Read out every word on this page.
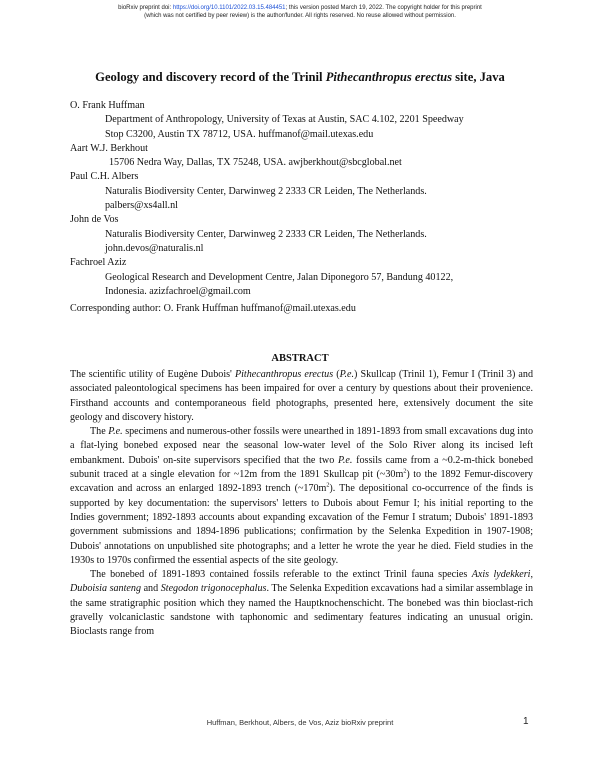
bioRxiv preprint doi: https://doi.org/10.1101/2022.03.15.484451; this version posted March 19, 2022. The copyright holder for this preprint
(which was not certified by peer review) is the author/funder. All rights reserved. No reuse allowed without permission.
Geology and discovery record of the Trinil Pithecanthropus erectus site, Java
O. Frank Huffman
Department of Anthropology, University of Texas at Austin, SAC 4.102, 2201 Speedway
Stop C3200, Austin TX 78712, USA. huffmanof@mail.utexas.edu
Aart W.J. Berkhout
15706 Nedra Way, Dallas, TX 75248, USA. awjberkhout@sbcglobal.net
Paul C.H. Albers
Naturalis Biodiversity Center, Darwinweg 2 2333 CR Leiden, The Netherlands.
palbers@xs4all.nl
John de Vos
Naturalis Biodiversity Center, Darwinweg 2 2333 CR Leiden, The Netherlands.
john.devos@naturalis.nl
Fachroel Aziz
Geological Research and Development Centre, Jalan Diponegoro 57, Bandung 40122,
Indonesia. azizfachroel@gmail.com
Corresponding author: O. Frank Huffman huffmanof@mail.utexas.edu
ABSTRACT

The scientific utility of Eugène Dubois' Pithecanthropus erectus (P.e.) Skullcap (Trinil 1), Femur I (Trinil 3) and associated paleontological specimens has been impaired for over a century by questions about their provenience. Firsthand accounts and contemporaneous field photographs, presented here, extensively document the site geology and discovery history.

The P.e. specimens and numerous-other fossils were unearthed in 1891-1893 from small excavations dug into a flat-lying bonebed exposed near the seasonal low-water level of the Solo River along its incised left embankment. Dubois' on-site supervisors specified that the two P.e. fossils came from a ~0.2-m-thick bonebed subunit traced at a single elevation for ~12m from the 1891 Skullcap pit $(\sim 30m^2)$ to the 1892 Femur-discovery excavation and across an enlarged 1892-1893 trench $(\sim 170m^2)$. The depositional co-occurrence of the finds is supported by key documentation: the supervisors' letters to Dubois about Femur I; his initial reporting to the Indies government; 1892-1893 accounts about expanding excavation of the Femur I stratum; Dubois' 1891-1893 government submissions and 1894-1896 publications; confirmation by the Selenka Expedition in 1907-1908; Dubois' annotations on unpublished site photographs; and a letter he wrote the year he died. Field studies in the 1930s to 1970s confirmed the essential aspects of the site geology.

The bonebed of 1891-1893 contained fossils referable to the extinct Trinil fauna species Axis lydekkeri, Duboisia santeng and Stegodon trigonocephalus. The Selenka Expedition excavations had a similar assemblage in the same stratigraphic position which they named the Hauptknochenschicht. The bonebed was thin bioclast-rich gravelly volcaniclastic sandstone with taphonomic and sedimentary features indicating an unusual origin. Bioclasts range from

Huffman, Berkhout, Albers, de Vos, Aziz bioRxiv preprint	1
